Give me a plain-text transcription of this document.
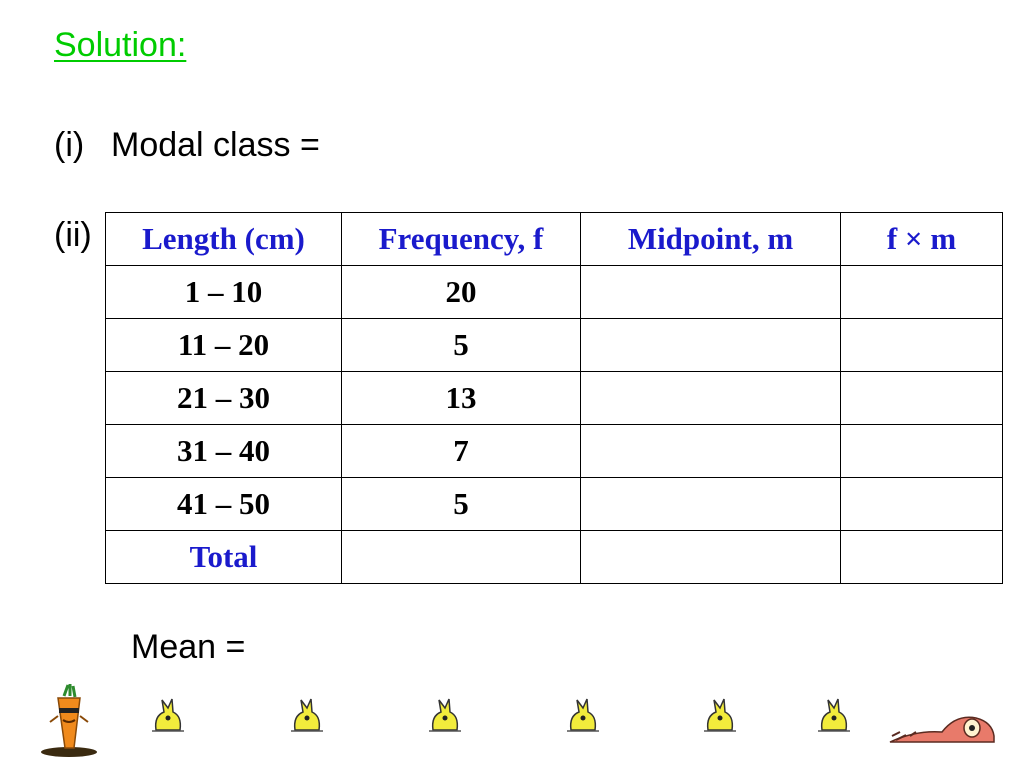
Solution:
(i) Modal class =
(ii) Length (cm)	Frequency, f	Midpoint, m	f × m
1 – 10	20		
11 – 20	5		
21 – 30	13		
31 – 40	7		
41 – 50	5		
Total			
Mean =
